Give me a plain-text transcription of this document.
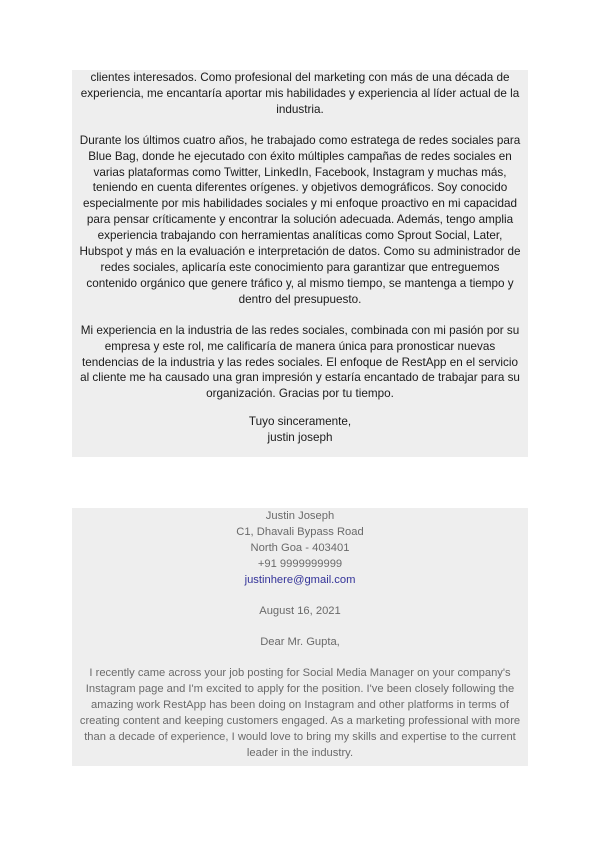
clientes interesados. Como profesional del marketing con más de una década de experiencia, me encantaría aportar mis habilidades y experiencia al líder actual de la industria.

Durante los últimos cuatro años, he trabajado como estratega de redes sociales para Blue Bag, donde he ejecutado con éxito múltiples campañas de redes sociales en varias plataformas como Twitter, LinkedIn, Facebook, Instagram y muchas más, teniendo en cuenta diferentes orígenes. y objetivos demográficos. Soy conocido especialmente por mis habilidades sociales y mi enfoque proactivo en mi capacidad para pensar críticamente y encontrar la solución adecuada. Además, tengo amplia experiencia trabajando con herramientas analíticas como Sprout Social, Later, Hubspot y más en la evaluación e interpretación de datos. Como su administrador de redes sociales, aplicaría este conocimiento para garantizar que entreguemos contenido orgánico que genere tráfico y, al mismo tiempo, se mantenga a tiempo y dentro del presupuesto.

Mi experiencia en la industria de las redes sociales, combinada con mi pasión por su empresa y este rol, me calificaría de manera única para pronosticar nuevas tendencias de la industria y las redes sociales. El enfoque de RestApp en el servicio al cliente me ha causado una gran impresión y estaría encantado de trabajar para su organización. Gracias por tu tiempo.

Tuyo sinceramente,

justin joseph

Justin Joseph

C1, Dhavali Bypass Road

North Goa - 403401

+91 9999999999

justinhere@gmail.com

August 16, 2021

Dear Mr. Gupta,

I recently came across your job posting for Social Media Manager on your company's Instagram page and I'm excited to apply for the position. I've been closely following the amazing work RestApp has been doing on Instagram and other platforms in terms of creating content and keeping customers engaged. As a marketing professional with more than a decade of experience, I would love to bring my skills and expertise to the current leader in the industry.
